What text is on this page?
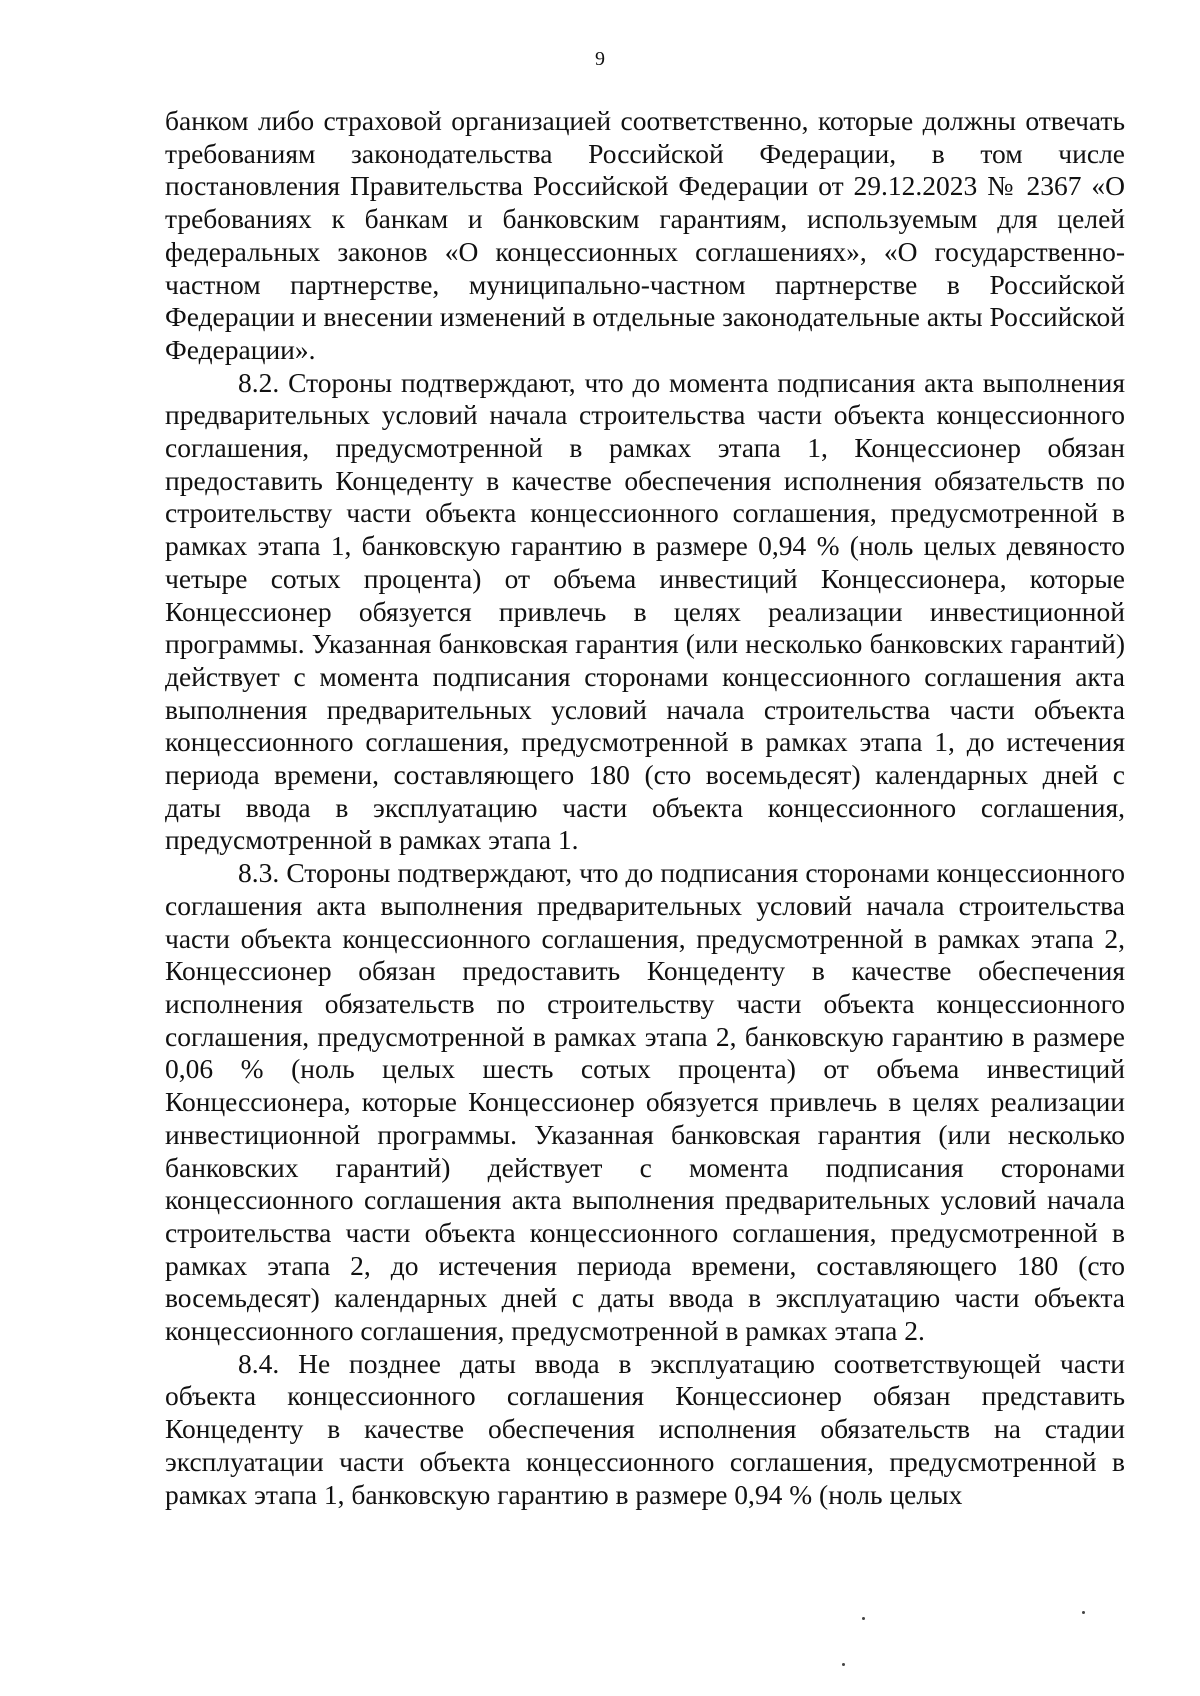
9

банком либо страховой организацией соответственно, которые должны отвечать требованиям законодательства Российской Федерации, в том числе постановления Правительства Российской Федерации от 29.12.2023 № 2367 «О требованиях к банкам и банковским гарантиям, используемым для целей федеральных законов «О концессионных соглашениях», «О государственночастном партнерстве, муниципально-частном партнерстве в Российской Федерации и внесении изменений в отдельные законодательные акты Российской Федерации».

8.2. Стороны подтверждают, что до момента подписания акта выполнения предварительных условий начала строительства части объекта концессионного соглашения, предусмотренной в рамках этапа 1, Концессионер обязан предоставить Концеденту в качестве обеспечения исполнения обязательств по строительству части объекта концессионного соглашения, предусмотренной в рамках этапа 1, банковскую гарантию в размере 0,94 % (ноль целых девяносто четыре сотых процента) от объема инвестиций Концессионера, которые Концессионер обязуется привлечь в целях реализации инвестиционной программы. Указанная банковская гарантия (или несколько банковских гарантий) действует с момента подписания сторонами концессионного соглашения акта выполнения предварительных условий начала строительства части объекта концессионного соглашения, предусмотренной в рамках этапа 1, до истечения периода времени, составляющего 180 (сто восемьдесят) календарных дней с даты ввода в эксплуатацию части объекта концессионного соглашения, предусмотренной в рамках этапа 1.

8.3. Стороны подтверждают, что до подписания сторонами концессионного соглашения акта выполнения предварительных условий начала строительства части объекта концессионного соглашения, предусмотренной в рамках этапа 2, Концессионер обязан предоставить Концеденту в качестве обеспечения исполнения обязательств по строительству части объекта концессионного соглашения, предусмотренной в рамках этапа 2, банковскую гарантию в размере 0,06 % (ноль целых шесть сотых процента) от объема инвестиций Концессионера, которые Концессионер обязуется привлечь в целях реализации инвестиционной программы. Указанная банковская гарантия (или несколько банковских гарантий) действует с момента подписания сторонами концессионного соглашения акта выполнения предварительных условий начала строительства части объекта концессионного соглашения, предусмотренной в рамках этапа 2, до истечения периода времени, составляющего 180 (сто восемьдесят) календарных дней с даты ввода в эксплуатацию части объекта концессионного соглашения, предусмотренной в рамках этапа 2.

8.4. Не позднее даты ввода в эксплуатацию соответствующей части объекта концессионного соглашения Концессионер обязан представить Концеденту в качестве обеспечения исполнения обязательств на стадии эксплуатации части объекта концессионного соглашения, предусмотренной в рамках этапа 1, банковскую гарантию в размере 0,94 % (ноль целых
